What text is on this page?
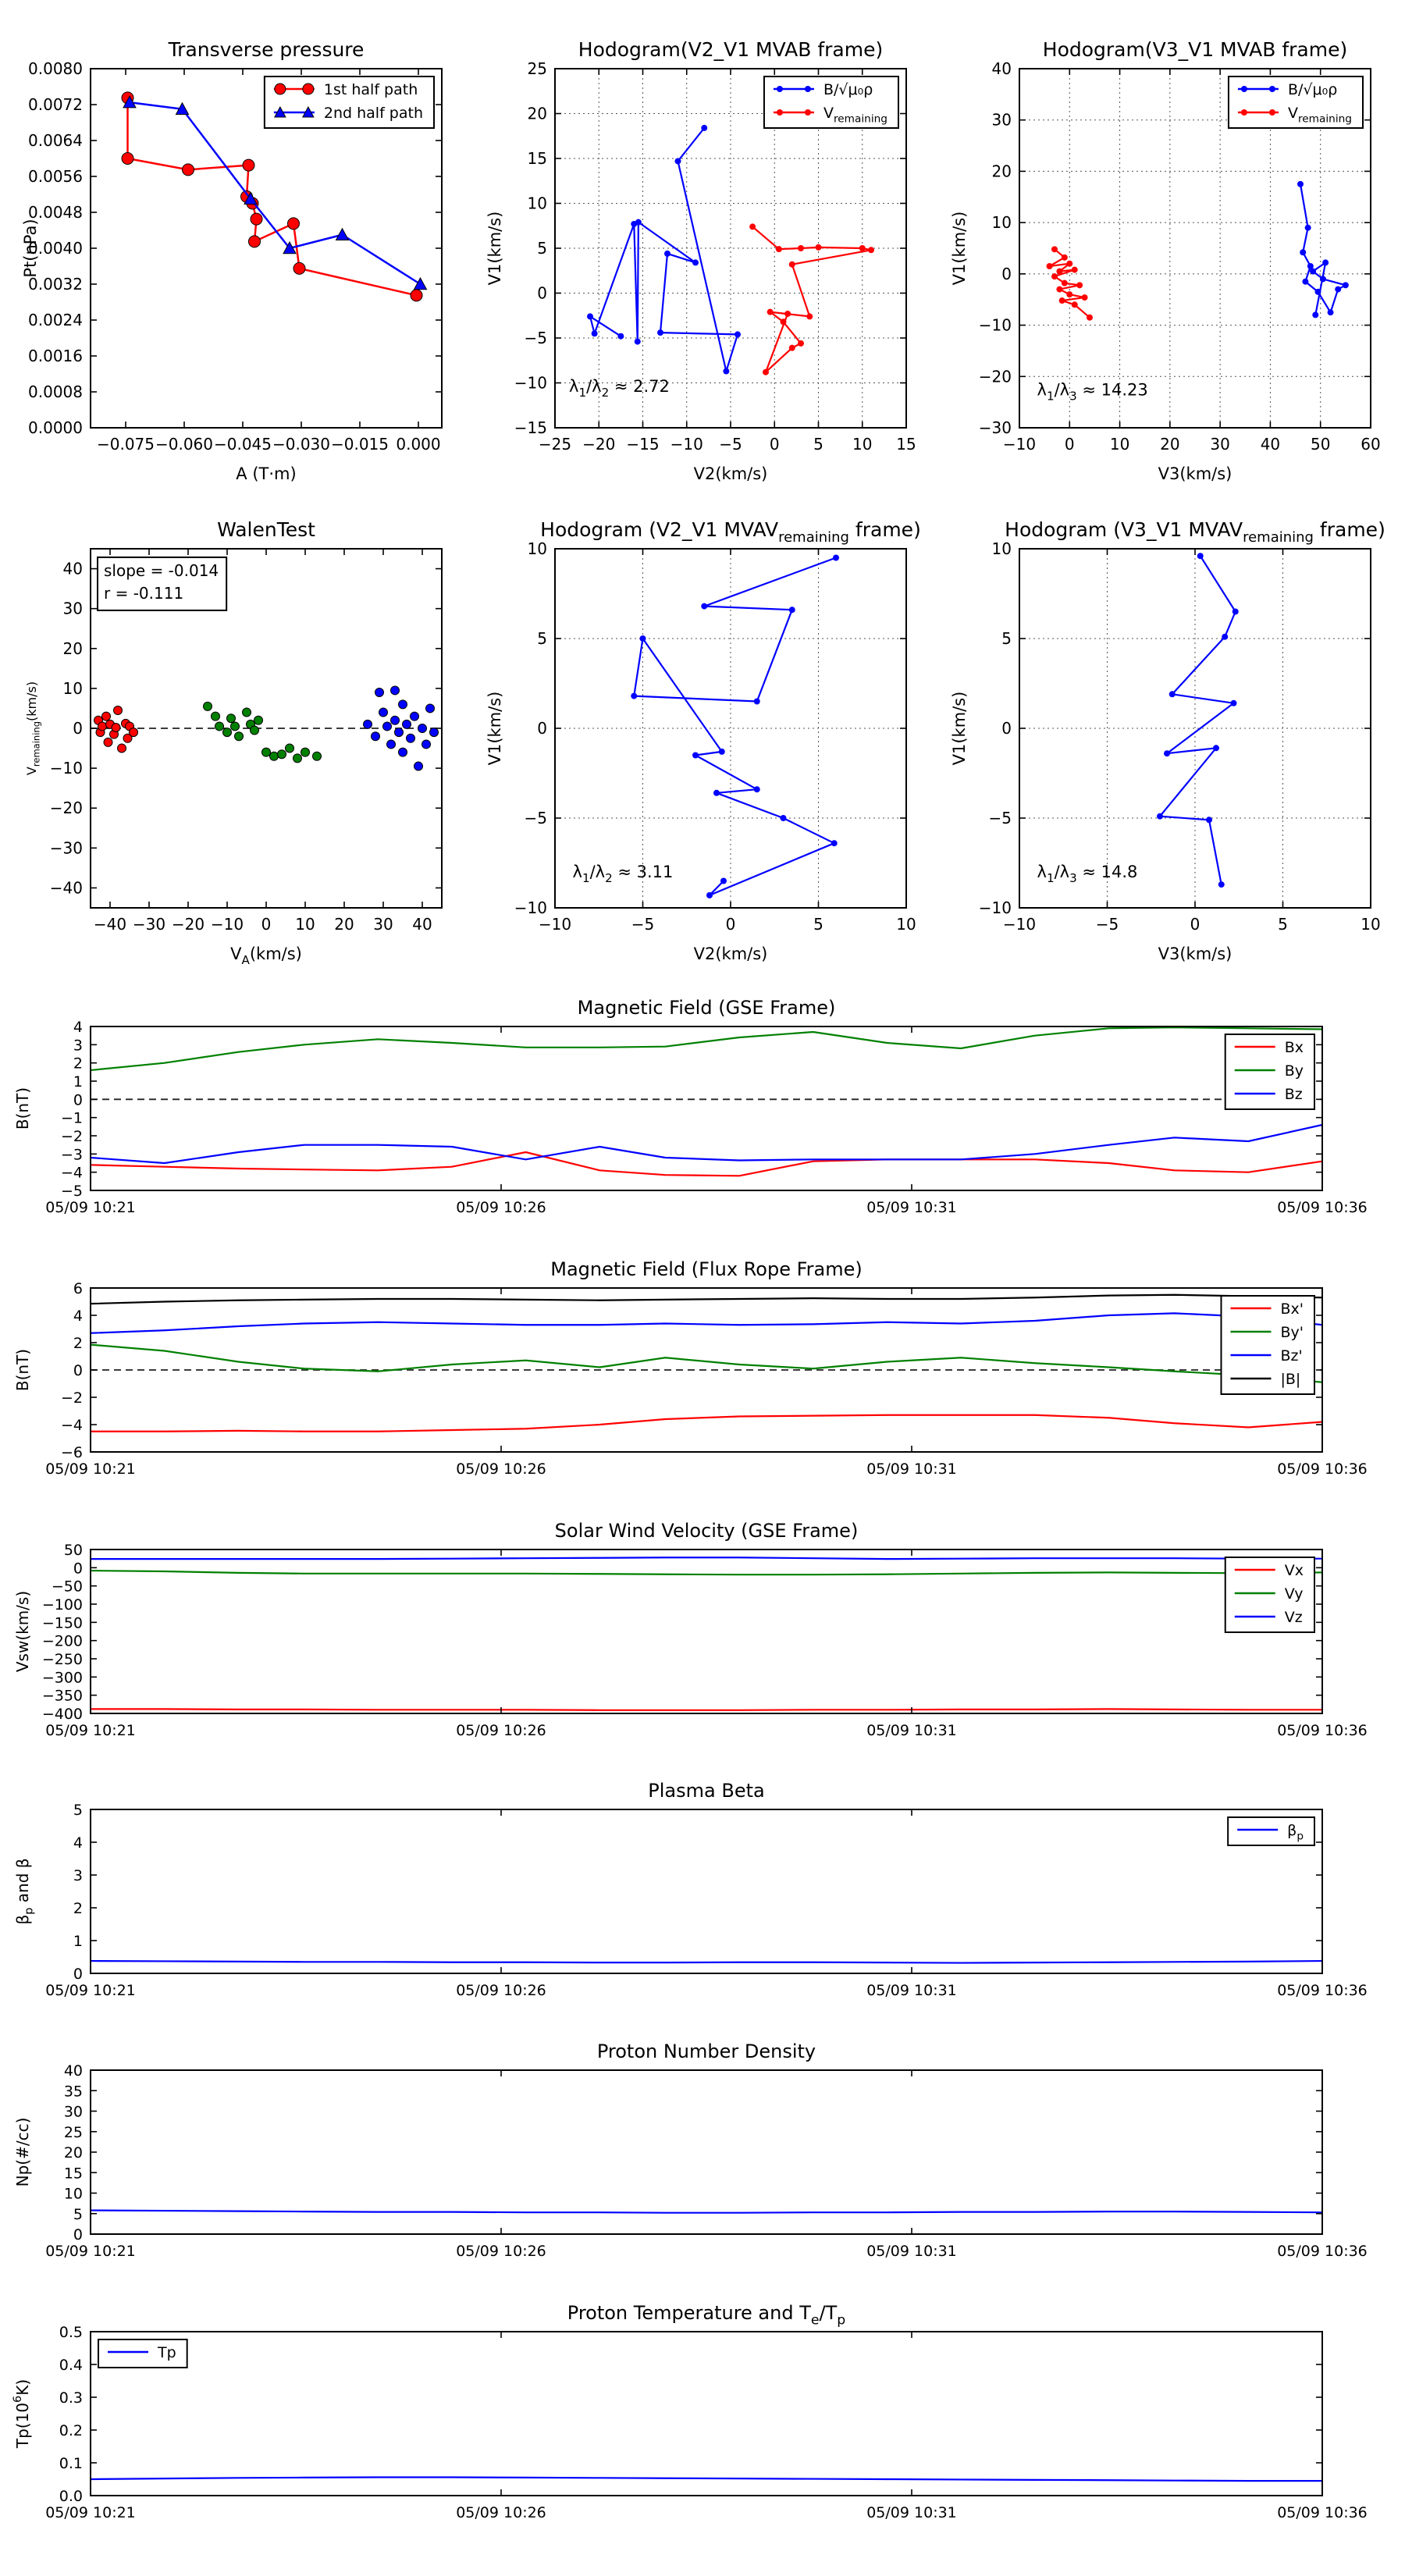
−0.075 −0.060 −0.045 −0.030 −0.015 0.000
0.0000
0.0008
0.0016
0.0024
0.0032
0.0040
0.0048
0.0056
0.0064
0.0072
0.0080
Transverse pressure
A (T·m)
Pt(nPa)
1st half path
2nd half path
−25 −20 −15 −10 −5 0 5 10 15
−15
−10
−5
0
5
10
15
20
25
Hodogram(V2_V1 MVAB frame)
V2(km/s)
V1(km/s)
$\lambda_1/\lambda_2 \approx 2.72$
B/√μ₀ρ
$V_{remaining}$
−10 0 10 20 30 40 50 60
−30
−20
−10
0
10
20
30
40
Hodogram(V3_V1 MVAB frame)
V3(km/s)
V1(km/s)
$\lambda_1/\lambda_3 \approx 14.23$
B/√μ₀ρ
$V_{remaining}$
−40 −30 −20 −10 0 10 20 30 40
−40
−30
−20
−10
0
10
20
30
40
WalenTest
$V_A(km/s)$
$V_{remaining}(km/s)$
slope = -0.014
r = -0.111
−10	−5	0	5	10
−10
−5
0
5
10
Hodogram (V2_V1 $MVAV_{remaining}$ frame)
V2(km/s)
V1(km/s)
$\lambda_1/\lambda_2 \approx 3.11$
−10	−5	0	5	10
−10
−5
0
5
10
Hodogram (V3_V1 $MVAV_{remaining}$ frame)
V3(km/s)
V1(km/s)
$\lambda_1/\lambda_3 \approx 14.8$
05/09 10:21	05/09 10:26	05/09 10:31	05/09 10:36
−5
−4
−3
−2
−1
0
1
2
3
4
Magnetic Field (GSE Frame)
B(nT)
Bx
By
Bz
05/09 10:21	05/09 10:26	05/09 10:31	05/09 10:36
−6
−4
−2
0
2
4
6
Magnetic Field (Flux Rope Frame)
B(nT)
Bx'
By'
Bz'
|B|
05/09 10:21	05/09 10:26	05/09 10:31	05/09 10:36
−400
−350
−300
−250
−200
−150
−100
−50
0
50
Solar Wind Velocity (GSE Frame)
Vsw(km/s)
Vx
Vy
Vz
05/09 10:21	05/09 10:26	05/09 10:31	05/09 10:36
0
1
2
3
4
5
Plasma Beta
$\beta_p$ and β
$\beta_p$
05/09 10:21	05/09 10:26	05/09 10:31	05/09 10:36
0
5
10
15
20
25
30
35
40
Proton Number Density
Np(#/cc)
05/09 10:21	05/09 10:26	05/09 10:31	05/09 10:36
0.0
0.1
0.2
0.3
0.4
0.5
Proton Temperature and $T_e/T_p$
$Tp(10^6K)$
Tp
